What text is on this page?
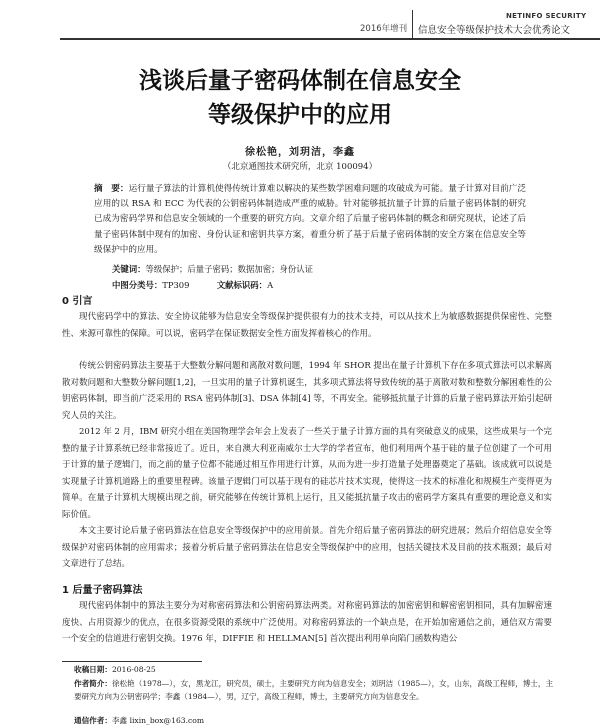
2016年增刊
NETINFO SECURITY
信息安全等级保护技术大会优秀论文
浅谈后量子密码体制在信息安全
等级保护中的应用
徐松艳，刘玥洁，李鑫
（北京通图技术研究所，北京 100094）
摘　要：运行量子算法的计算机使得传统计算难以解决的某些数学困难问题的攻破成为可能。量子计算对目前广泛应用的以 RSA 和 ECC 为代表的公钥密码体制造成严重的威胁。针对能够抵抗量子计算的后量子密码体制的研究已成为密码学界和信息安全领域的一个重要的研究方向。文章介绍了后量子密码体制的概念和研究现状，论述了后量子密码体制中现有的加密、身份认证和密钥共享方案，着重分析了基于后量子密码体制的安全方案在信息安全等级保护中的应用。
关键词：等级保护；后量子密码；数据加密；身份认证
中图分类号：TP309	文献标识码：A
0 引言
现代密码学中的算法、安全协议能够为信息安全等级保护提供很有力的技术支持，可以从技术上为敏感数据提供保密性、完整性、来源可靠性的保障。可以说，密码学在保证数据安全性方面发挥着核心的作用。
传统公钥密码算法主要基于大整数分解问题和离散对数问题，1994 年 SHOR 提出在量子计算机下存在多项式算法可以求解离散对数问题和大整数分解问题[1,2]，一旦实用的量子计算机诞生，其多项式算法将导致传统的基于离散对数和整数分解困难性的公钥密码体制，即当前广泛采用的 RSA 密码体制[3]、DSA 体制[4] 等，不再安全。能够抵抗量子计算的后量子密码算法开始引起研究人员的关注。
2012 年 2 月，IBM 研究小组在美国物理学会年会上发表了一些关于量子计算方面的具有突破意义的成果，这些成果与一个完整的量子计算系统已经非常接近了。近日，来自澳大利亚南威尔士大学的学者宣布，他们利用两个基于硅的量子位创建了一个可用于计算的量子逻辑门，而之前的量子位都不能通过相互作用进行计算，从而为进一步打造量子处理器奠定了基础。该成就可以说是实现量子计算机道路上的重要里程碑。该量子逻辑门可以基于现有的硅芯片技术实现，使得这一技术的标准化和规模生产变得更为简单。在量子计算机大规模出现之前，研究能够在传统计算机上运行，且又能抵抗量子攻击的密码学方案具有重要的理论意义和实际价值。
本文主要讨论后量子密码算法在信息安全等级保护中的应用前景。首先介绍后量子密码算法的研究进展；然后介绍信息安全等级保护对密码体制的应用需求；接着分析后量子密码算法在信息安全等级保护中的应用，包括关键技术及目前的技术瓶颈；最后对文章进行了总结。
1 后量子密码算法
现代密码体制中的算法主要分为对称密码算法和公钥密码算法两类。对称密码算法的加密密钥和解密密钥相同，具有加解密速度快、占用资源少的优点，在很多资源受限的系统中广泛使用。对称密码算法的一个缺点是，在开始加密通信之前，通信双方需要一个安全的信道进行密钥交换。1976 年，DIFFIE 和 HELLMAN[5] 首次提出利用单向陷门函数构造公
收稿日期：2016-08-25
作者简介：徐松艳（1978—），女，黑龙江，研究员，硕士，主要研究方向为信息安全；刘玥洁（1985—），女，山东，高级工程师，博士，主要研究方向为公钥密码学；李鑫（1984—），男，辽宁，高级工程师，博士，主要研究方向为信息安全。
通信作者：李鑫 lixin_box@163.com
